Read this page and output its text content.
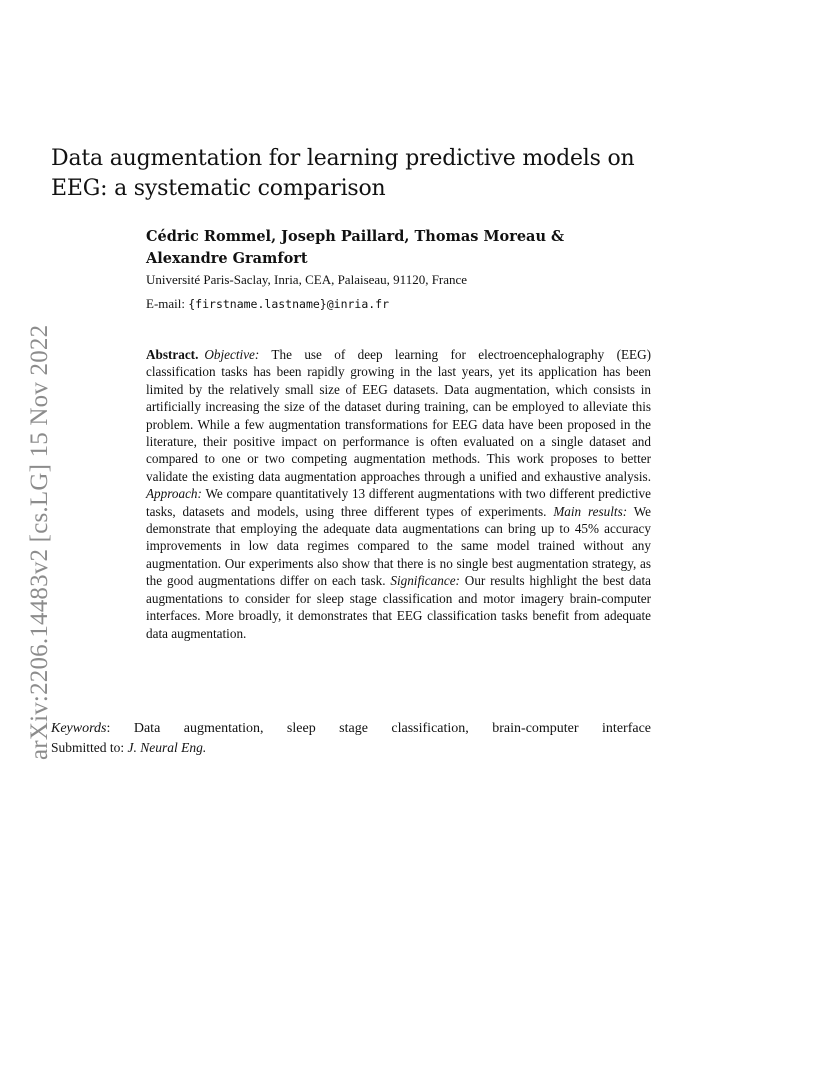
arXiv:2206.14483v2 [cs.LG] 15 Nov 2022
Data augmentation for learning predictive models on EEG: a systematic comparison
Cédric Rommel, Joseph Paillard, Thomas Moreau & Alexandre Gramfort
Université Paris-Saclay, Inria, CEA, Palaiseau, 91120, France
E-mail: {firstname.lastname}@inria.fr

Abstract. Objective: The use of deep learning for electroencephalography (EEG) classification tasks has been rapidly growing in the last years, yet its application has been limited by the relatively small size of EEG datasets. Data augmentation, which consists in artificially increasing the size of the dataset during training, can be employed to alleviate this problem. While a few augmentation transformations for EEG data have been proposed in the literature, their positive impact on performance is often evaluated on a single dataset and compared to one or two competing augmentation methods. This work proposes to better validate the existing data augmentation approaches through a unified and exhaustive analysis. Approach: We compare quantitatively 13 different augmentations with two different predictive tasks, datasets and models, using three different types of experiments. Main results: We demonstrate that employing the adequate data augmentations can bring up to 45% accuracy improvements in low data regimes compared to the same model trained without any augmentation. Our experiments also show that there is no single best augmentation strategy, as the good augmentations differ on each task. Significance: Our results highlight the best data augmentations to consider for sleep stage classification and motor imagery brain-computer interfaces. More broadly, it demonstrates that EEG classification tasks benefit from adequate data augmentation.

Keywords: Data augmentation, sleep stage classification, brain-computer interface
Submitted to: J. Neural Eng.
